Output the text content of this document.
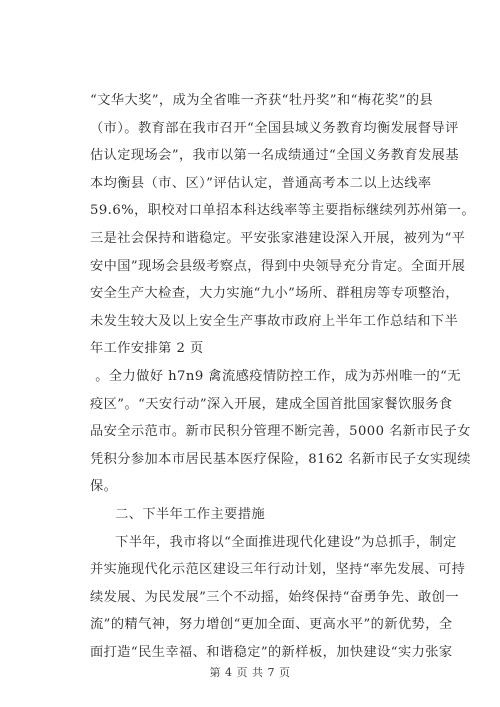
“文华大奖”，成为全省唯一齐获“牡丹奖”和“梅花奖”的县
（市）。教育部在我市召开“全国县域义务教育均衡发展督导评
估认定现场会”，我市以第一名成绩通过“全国义务教育发展基
本均衡县（市、区）”评估认定，普通高考本二以上达线率
59.6%，职校对口单招本科达线率等主要指标继续列苏州第一。
三是社会保持和谐稳定。平安张家港建设深入开展，被列为“平
安中国”现场会县级考察点，得到中央领导充分肯定。全面开展
安全生产大检查，大力实施“九小”场所、群租房等专项整治，
未发生较大及以上安全生产事故市政府上半年工作总结和下半
年工作安排第 2 页
。全力做好 h7n9 禽流感疫情防控工作，成为苏州唯一的“无
疫区”。“天安行动”深入开展，建成全国首批国家餐饮服务食
品安全示范市。新市民积分管理不断完善，5000 名新市民子女
凭积分参加本市居民基本医疗保险，8162 名新市民子女实现续
保。
二、下半年工作主要措施
下半年，我市将以“全面推进现代化建设”为总抓手，制定
并实施现代化示范区建设三年行动计划，坚持“率先发展、可持
续发展、为民发展”三个不动摇，始终保持“奋勇争先、敢创一
流”的精气神，努力增创“更加全面、更高水平”的新优势，全
面打造“民生幸福、和谐稳定”的新样板，加快建设“实力张家
第 4 页 共 7 页
